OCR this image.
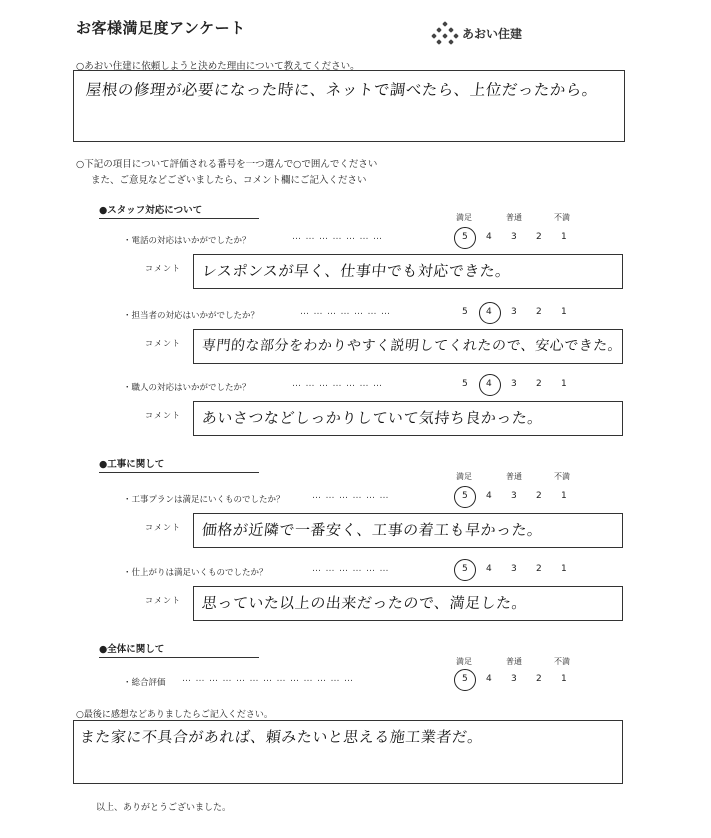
お客様満足度アンケート	あおい住建
○あおい住建に依頼しようと決めた理由について教えてください。
屋根の修理が必要になった時に、ネットで調べたら、上位だったから。
○下記の項目について評価される番号を一つ選んで○で囲んでください
また、ご意見などございましたら、コメント欄にご記入ください
●スタッフ対応について
満足	普通	不満
・電話の対応はいかがでしたか？	…………………	5 4 3 2 1
コメント レスポンスが早く、仕事中でも対応できた。
・担当者の対応はいかがでしたか？	…………………	5 4 3 2 1
コメント 専門的な部分をわかりやすく説明してくれたので、安心できた。
・職人の対応はいかがでしたか？	…………………	5 4 3 2 1
コメント あいさつなどしっかりしていて気持ち良かった。
●工事に関して
満足	普通	不満
・工事プランは満足にいくものでしたか？	………………	5 4 3 2 1
コメント 価格が近隣で一番安く、工事の着工も早かった。
・仕上がりは満足いくものでしたか？	………………	5 4 3 2 1
コメント 思っていた以上の出来だったので、満足した。
●全体に関して
満足	普通	不満
・総合評価 …………………………………	5 4 3 2 1
○最後に感想などありましたらご記入ください。
また家に不具合があれば、頼みたいと思える施工業者だ。
以上、ありがとうございました。
